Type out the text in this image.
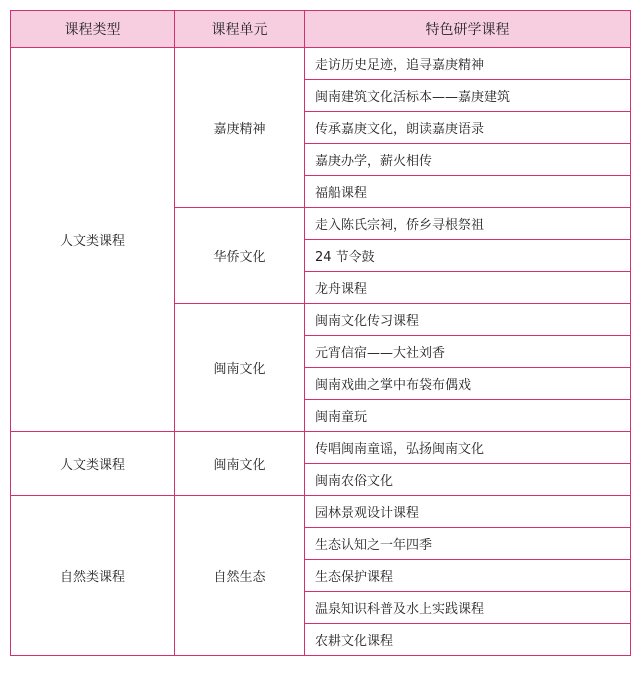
课程类型	课程单元	特色研学课程
人文类课程	嘉庚精神	走访历史足迹，追寻嘉庚精神
		闽南建筑文化活标本——嘉庚建筑
		传承嘉庚文化，朗读嘉庚语录
		嘉庚办学，薪火相传
		福船课程
	华侨文化	走入陈氏宗祠，侨乡寻根祭祖
		24 节令鼓
		龙舟课程
	闽南文化	闽南文化传习课程
		元宵信宿——大社刘香
		闽南戏曲之掌中布袋布偶戏
		闽南童玩
人文类课程	闽南文化	传唱闽南童谣，弘扬闽南文化
		闽南农俗文化
自然类课程	自然生态	园林景观设计课程
		生态认知之一年四季
		生态保护课程
		温泉知识科普及水上实践课程
		农耕文化课程
